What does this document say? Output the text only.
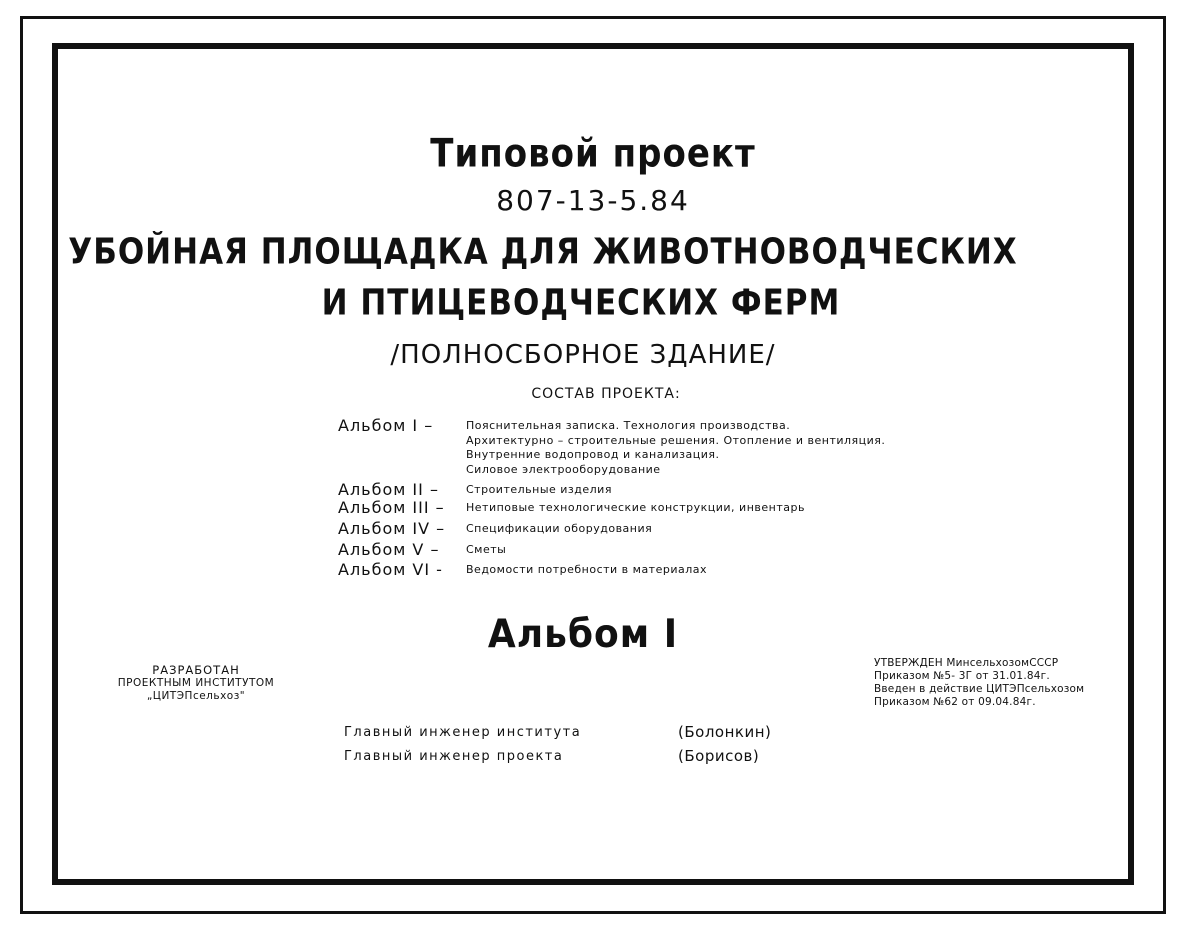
Типовой проект
807-13-5.84
УБОЙНАЯ ПЛОЩАДКА ДЛЯ ЖИВОТНОВОДЧЕСКИХ
И ПТИЦЕВОДЧЕСКИХ ФЕРМ
/ПОЛНОСБОРНОЕ ЗДАНИЕ/
СОСТАВ ПРОЕКТА:
Альбом I –	Пояснительная записка. Технология производства.
Архитектурно – строительные решения. Отопление и вентиляция.
Внутренние водопровод и канализация.
Силовое электрооборудование
Альбом II –	Строительные изделия
Альбом III –	Нетиповые технологические конструкции, инвентарь
Альбом IV –	Спецификации оборудования
Альбом V –	Сметы
Альбом VI -	Ведомости потребности в материалах
Альбом I
РАЗРАБОТАН
ПРОЕКТНЫМ ИНСТИТУТОМ
„ЦИТЭПсельхоз"
УТВЕРЖДЕН МинсельхозомСССР
Приказом №5- 3Г от 31.01.84г.
Введен в действие ЦИТЭПсельхозом
Приказом №62 от 09.04.84г.
Главный инженер института	(Болонкин)
Главный инженер проекта	(Борисов)
